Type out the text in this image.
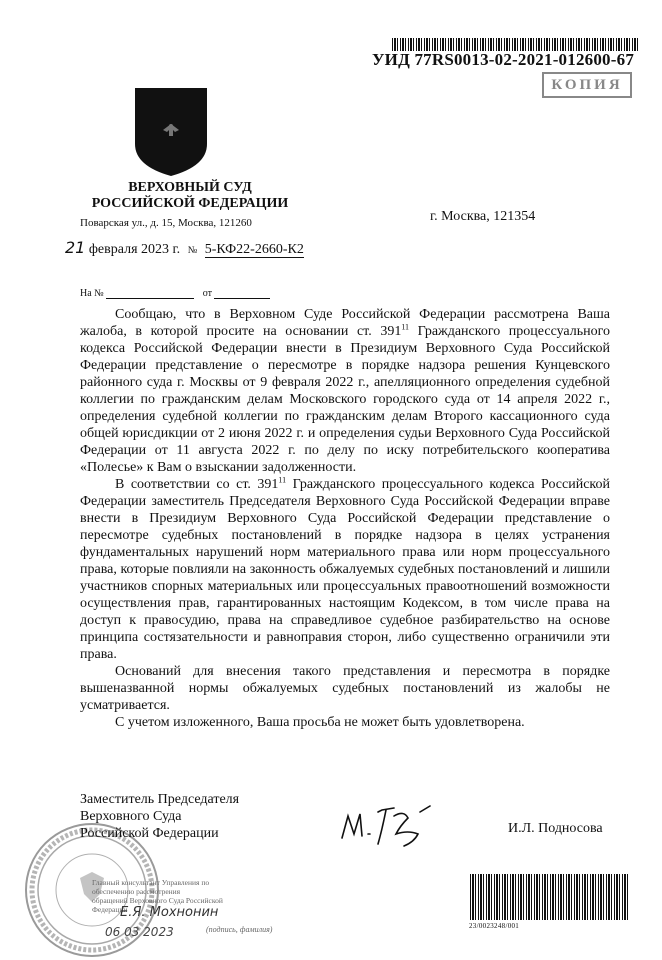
УИД 77RS0013-02-2021-012600-67
КОПИЯ
ВЕРХОВНЫЙ СУД
РОССИЙСКОЙ ФЕДЕРАЦИИ
Поварская ул., д. 15, Москва, 121260	г. Москва, 121354
21 февраля 2023 г. № 5-КФ22-2660-К2
На №	от

Сообщаю, что в Верховном Суде Российской Федерации рассмотрена Ваша жалоба, в которой просите на основании ст. $391^{11}$ Гражданского процессуального кодекса Российской Федерации внести в Президиум Верховного Суда Российской Федерации представление о пересмотре в порядке надзора решения Кунцевского районного суда г. Москвы от 9 февраля 2022 г., апелляционного определения судебной коллегии по гражданским делам Московского городского суда от 14 апреля 2022 г., определения судебной коллегии по гражданским делам Второго кассационного суда общей юрисдикции от 2 июня 2022 г. и определения судьи Верховного Суда Российской Федерации от 11 августа 2022 г. по делу по иску потребительского кооператива «Полесье» к Вам о взыскании задолженности.

В соответствии со ст. $391^{11}$ Гражданского процессуального кодекса Российской Федерации заместитель Председателя Верховного Суда Российской Федерации вправе внести в Президиум Верховного Суда Российской Федерации представление о пересмотре судебных постановлений в порядке надзора в целях устранения фундаментальных нарушений норм материального права или норм процессуального права, которые повлияли на законность обжалуемых судебных постановлений и лишили участников спорных материальных или процессуальных правоотношений возможности осуществления прав, гарантированных настоящим Кодексом, в том числе права на доступ к правосудию, права на справедливое судебное разбирательство на основе принципа состязательности и равноправия сторон, либо существенно ограничили эти права.

Оснований для внесения такого представления и пересмотра в порядке вышеназванной нормы обжалуемых судебных постановлений из жалобы не усматривается.

С учетом изложенного, Ваша просьба не может быть удовлетворена.

Заместитель Председателя
Верховного Суда
Российской Федерации	И.Л. Подносова
Главный консультант Управления по
обеспечению рассмотрения
обращений Верховного Суда Российской
Федерации
Е.Я. Мохнонин
06 03 2023	(подпись, фамилия)	23/0023248/001
